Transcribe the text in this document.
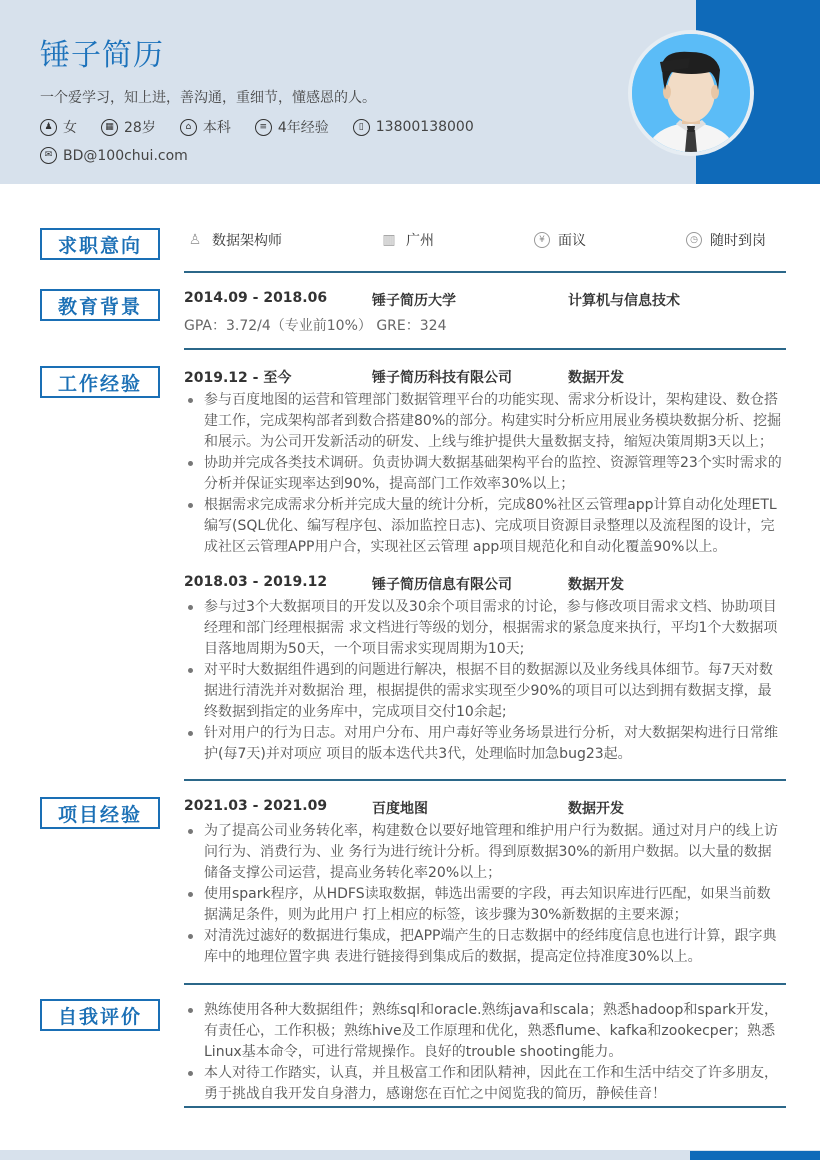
锤子简历
一个爱学习，知上进，善沟通，重细节，懂感恩的人。
♟ 女	▦ 28岁	⌂ 本科	≡ 4年经验	▯ 13800138000
✉ BD@100chui.com
求职意向	♙ 数据架构师	▥ 广州	¥ 面议	◷ 随时到岗
教育背景	2014.09 - 2018.06	锤子简历大学	计算机与信息技术
GPA：3.72/4（专业前10%） GRE：324
工作经验	2019.12 - 至今	锤子简历科技有限公司	数据开发
参与百度地图的运营和管理部门数据管理平台的功能实现、需求分析设计，架构建设、数仓搭建工作，完成架构部者到数合搭建80%的部分。构建实时分析应用展业务模块数据分析、挖掘和展示。为公司开发新活动的研发、上线与维护提供大量数据支持，缩短决策周期3天以上；
协助并完成各类技术调研。负责协调大数据基础架构平台的监控、资源管理等23个实时需求的分析并保证实现率达到90%，提高部门工作效率30%以上；
根据需求完成需求分析并完成大量的统计分析，完成80%社区云管理app计算自动化处理ETL编写(SQL优化、编写程序包、添加监控日志)、完成项目资源目录整理以及流程图的设计，完成社区云管理APP用户合，实现社区云管理 app项目规范化和自动化覆盖90%以上。
2018.03 - 2019.12	锤子简历信息有限公司	数据开发
参与过3个大数据项目的开发以及30余个项目需求的讨论，参与修改项目需求文档、协助项目经理和部门经理根据需 求文档进行等级的划分，根据需求的紧急度来执行，平均1个大数据项目落地周期为50天，一个项目需求实现周期为10天;
对平时大数据组件遇到的问题进行解决，根据不目的数据源以及业务线具体细节。每7天对数据进行清洗并对数据治 理，根据提供的需求实现至少90%的项目可以达到拥有数据支撑，最终数据到指定的业务库中，完成项目交付10余起;
针对用户的行为日志。对用户分布、用户毒好等业务场景进行分析，对大数据架构进行日常维护(每7天)并对项应 项目的版本迭代共3代，处理临时加急bug23起。
项目经验	2021.03 - 2021.09	百度地图	数据开发
为了提高公司业务转化率，构建数仓以要好地管理和维护用户行为数据。通过对月户的线上访问行为、消费行为、业 务行为进行统计分析。得到原数据30%的新用户数据。以大量的数据储备支撑公司运营，提高业务转化率20%以上；
使用spark程序，从HDFS读取数据，韩选出需要的字段，再去知识库进行匹配，如果当前数据满足条件，则为此用户 打上相应的标签，该步骤为30%新数据的主要来源；
对清洗过滤好的数据进行集成，把APP端产生的日志数据中的经纬度信息也进行计算，跟字典库中的地理位置字典 表进行链接得到集成后的数据，提高定位持准度30%以上。
自我评价	熟练使用各种大数据组件；熟练sql和oracle.熟练java和scala；熟悉hadoop和spark开发，有责任心，工作积极；熟练hive及工作原理和优化，熟悉flume、kafka和zookecper；熟悉Linux基本命令，可进行常规操作。良好的trouble shooting能力。
本人对待工作踏实，认真，并且极富工作和团队精神，因此在工作和生活中结交了许多朋友，勇于挑战自我开发自身潜力，感谢您在百忙之中阅览我的简历，静候佳音！
